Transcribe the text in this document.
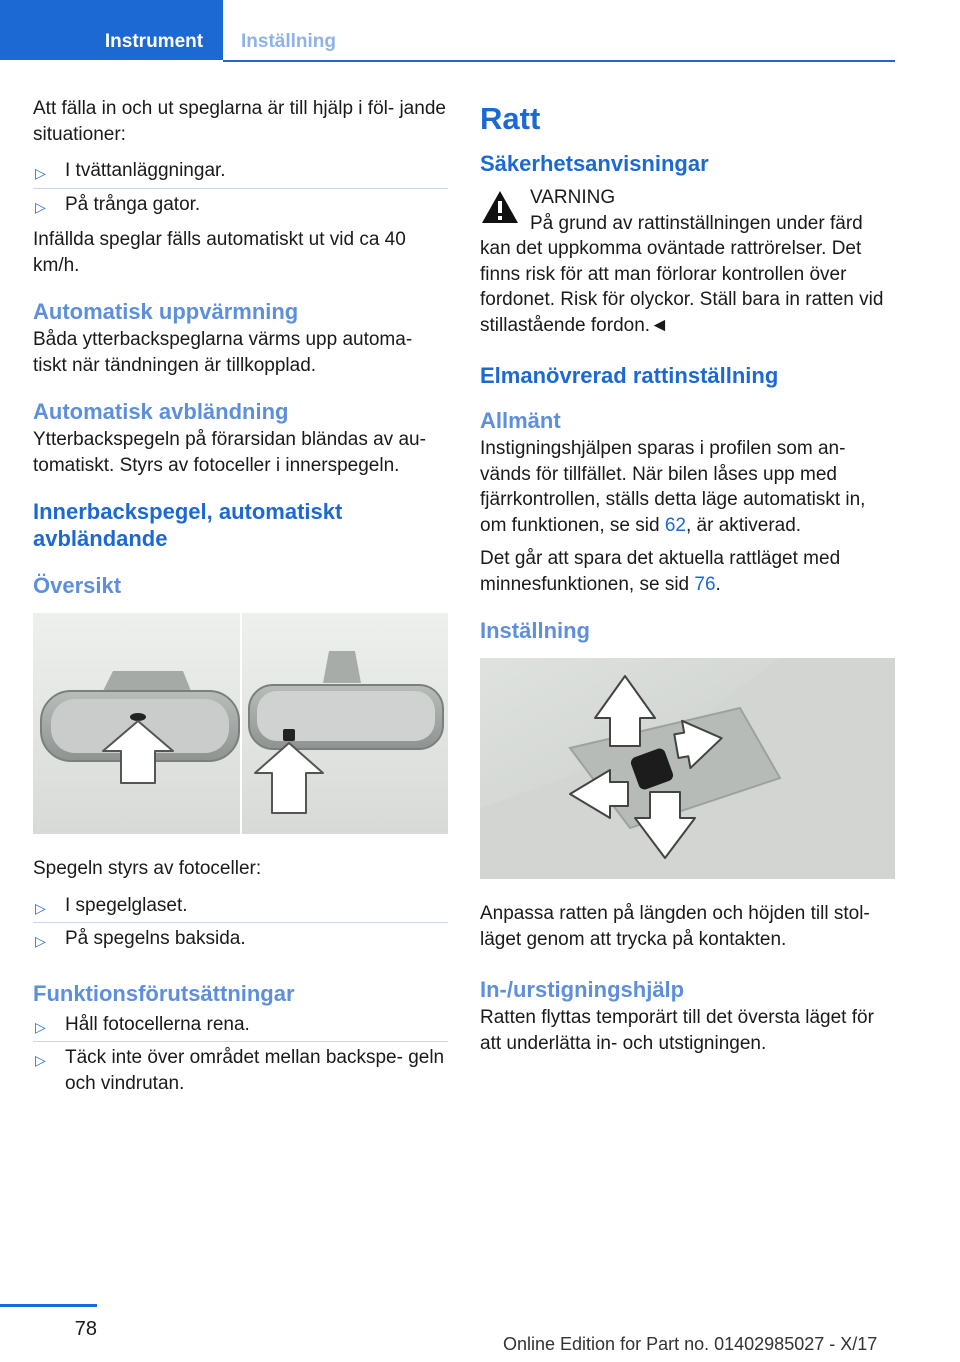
Instrument	Inställning

Att fälla in och ut speglarna är till hjälp i föl- jande situationer:

▷ I tvättanläggningar.
▷ På trånga gator.

Infällda speglar fälls automatiskt ut vid ca 40 km/h.

Automatisk uppvärmning

Båda ytterbackspeglarna värms upp automa- tiskt när tändningen är tillkopplad.

Automatisk avbländning

Ytterbackspegeln på förarsidan bländas av au- tomatiskt. Styrs av fotoceller i innerspegeln.

Innerbackspegel, automatiskt avbländande
Översikt

Spegeln styrs av fotoceller:

▷ I spegelglaset.
▷ På spegelns baksida.
Funktionsförutsättningar
▷ Håll fotocellerna rena.
▷ Täck inte över området mellan backspe- geln och vindrutan.
Ratt
Säkerhetsanvisningar
VARNING

På grund av rattinställningen under färd kan det uppkomma oväntade rattrörelser. Det finns risk för att man förlorar kontrollen över fordonet. Risk för olyckor. Ställ bara in ratten vid stillastående fordon.◄

Elmanövrerad rattinställning
Allmänt

Instigningshjälpen sparas i profilen som an- vänds för tillfället. När bilen låses upp med fjärrkontrollen, ställs detta läge automatiskt in, om funktionen, se sid 62, är aktiverad.

Det går att spara det aktuella rattläget med minnesfunktionen, se sid 76.

Inställning

Anpassa ratten på längden och höjden till stol- läget genom att trycka på kontakten.

In-/urstigningshjälp

Ratten flyttas temporärt till det översta läget för att underlätta in- och utstigningen.

78
Online Edition for Part no. 01402985027 - X/17
